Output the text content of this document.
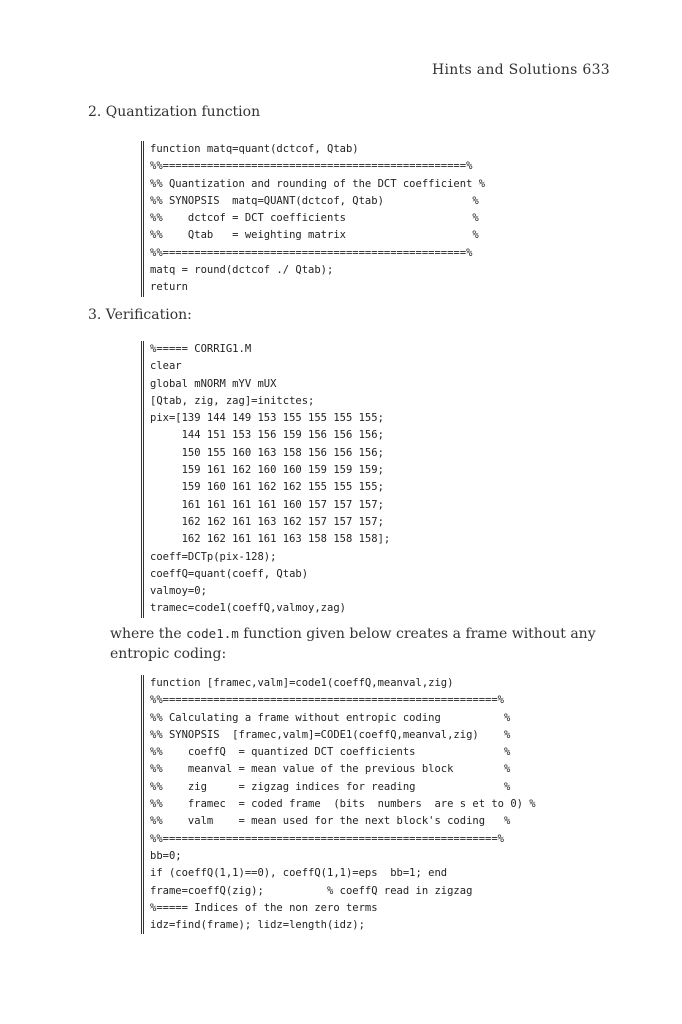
Hints and Solutions 633
2. Quantization function
function matq=quant(dctcof, Qtab)
%%================================================%
%% Quantization and rounding of the DCT coefficient %
%% SYNOPSIS  matq=QUANT(dctcof, Qtab)              %
%%    dctcof = DCT coefficients                    %
%%    Qtab   = weighting matrix                    %
%%================================================%
matq = round(dctcof ./ Qtab);
return
3. Verification:
%===== CORRIG1.M
clear
global mNORM mYV mUX
[Qtab, zig, zag]=initctes;
pix=[139 144 149 153 155 155 155 155;
144 151 153 156 159 156 156 156;
150 155 160 163 158 156 156 156;
159 161 162 160 160 159 159 159;
159 160 161 162 162 155 155 155;
161 161 161 161 160 157 157 157;
162 162 161 163 162 157 157 157;
162 162 161 161 163 158 158 158];
coeff=DCTp(pix-128);
coeffQ=quant(coeff, Qtab)
valmoy=0;
tramec=code1(coeffQ,valmoy,zag)
where the code1.m function given below creates a frame without any entropic coding:
function [framec,valm]=code1(coeffQ,meanval,zig)
%%=====================================================%
%% Calculating a frame without entropic coding          %
%% SYNOPSIS  [framec,valm]=CODE1(coeffQ,meanval,zig)    %
%%    coeffQ  = quantized DCT coefficients              %
%%    meanval = mean value of the previous block        %
%%    zig     = zigzag indices for reading              %
%%    framec  = coded frame  (bits  numbers  are s et to 0) %
%%    valm    = mean used for the next block's coding   %
%%=====================================================%
bb=0;
if (coeffQ(1,1)==0), coeffQ(1,1)=eps  bb=1; end
frame=coeffQ(zig);          % coeffQ read in zigzag
%===== Indices of the non zero terms
idz=find(frame); lidz=length(idz);
